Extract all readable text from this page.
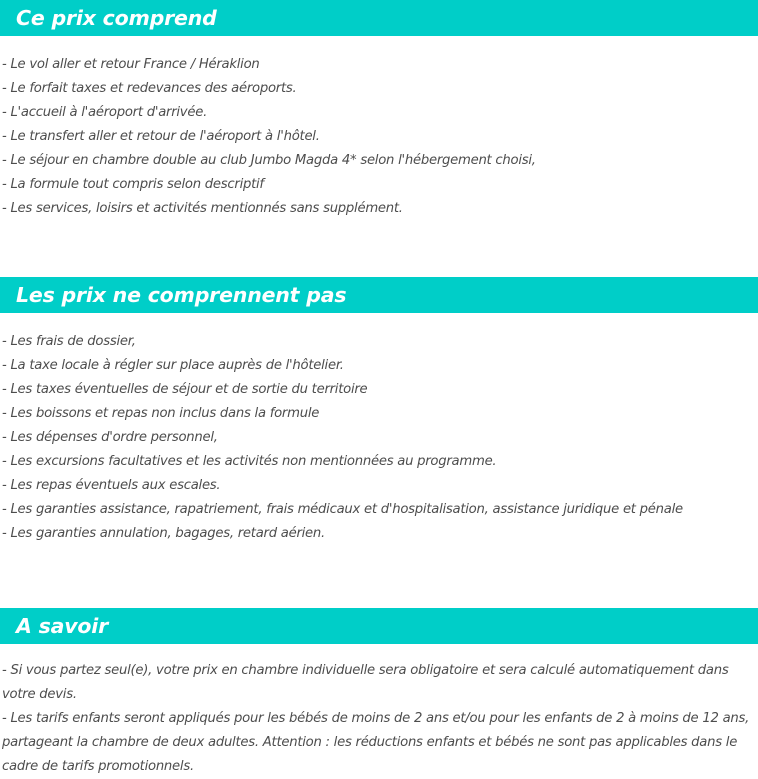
Ce prix comprend
- Le vol aller et retour France / Héraklion
- Le forfait taxes et redevances des aéroports.
- L'accueil à l'aéroport d'arrivée.
- Le transfert aller et retour de l'aéroport à l'hôtel.
- Le séjour en chambre double au club Jumbo Magda 4* selon l'hébergement choisi,
- La formule tout compris selon descriptif
- Les services, loisirs et activités mentionnés sans supplément.
Les prix ne comprennent pas
- Les frais de dossier,
- La taxe locale à régler sur place auprès de l'hôtelier.
- Les taxes éventuelles de séjour et de sortie du territoire
- Les boissons et repas non inclus dans la formule
- Les dépenses d'ordre personnel,
- Les excursions facultatives et les activités non mentionnées au programme.
- Les repas éventuels aux escales.
- Les garanties assistance, rapatriement, frais médicaux et d'hospitalisation, assistance juridique et pénale
- Les garanties annulation, bagages, retard aérien.
A savoir
- Si vous partez seul(e), votre prix en chambre individuelle sera obligatoire et sera calculé automatiquement dans votre devis.
- Les tarifs enfants seront appliqués pour les bébés de moins de 2 ans et/ou pour les enfants de 2 à moins de 12 ans, partageant la chambre de deux adultes. Attention : les réductions enfants et bébés ne sont pas applicables dans le cadre de tarifs promotionnels.
